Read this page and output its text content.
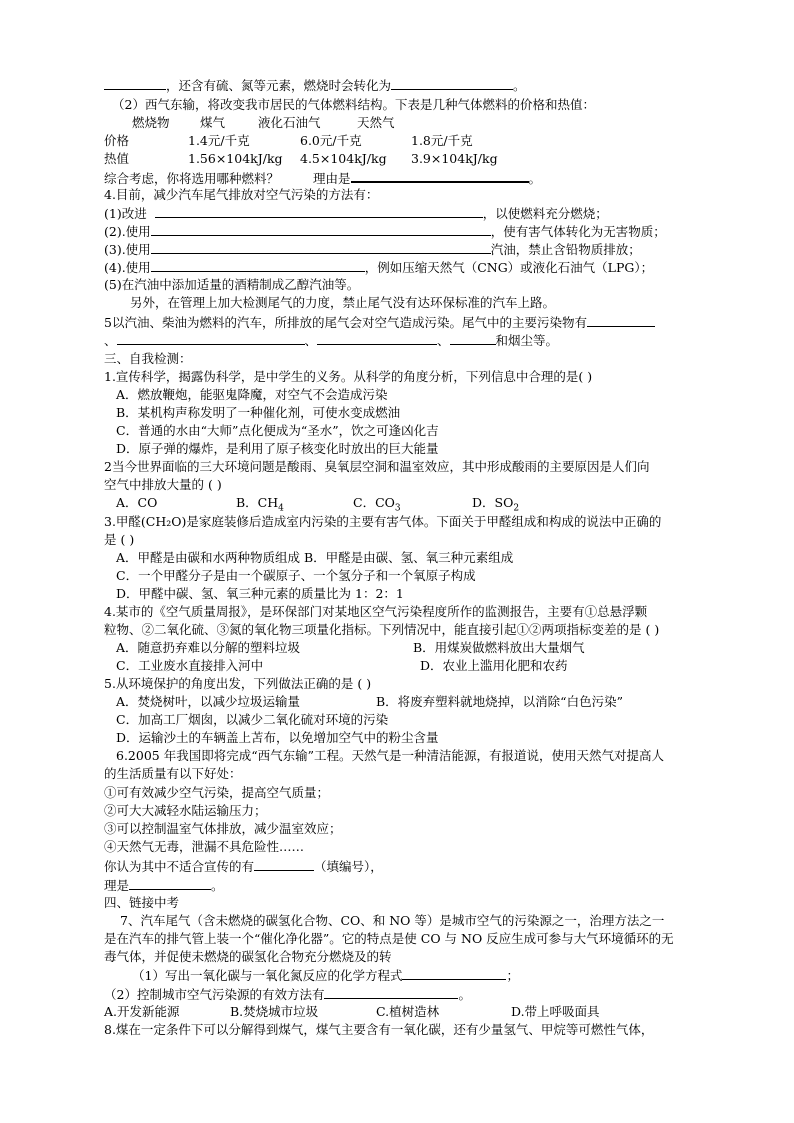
，还含有硫、氮等元素，燃烧时会转化为	。
（2）西气东输，将改变我市居民的气体燃料结构。下表是几种气体燃料的价格和热值：
燃烧物 煤气	液化石油气	天然气
价格	1.4元/千克	6.0元/千克	1.8元/千克
热值	1.56×104kJ/kg 4.5×104kJ/kg 3.9×104kJ/kg
综合考虑，你将选用哪种燃料？	理由是	。
4.目前，减少汽车尾气排放对空气污染的方法有：
(1)改进	，以使燃料充分燃烧；
(2).使用	，使有害气体转化为无害物质；
(3).使用	汽油，禁止含铅物质排放；
(4).使用	，例如压缩天然气（CNG）或液化石油气（LPG）；
(5)在汽油中添加适量的酒精制成乙醇汽油等。
另外，在管理上加大检测尾气的力度，禁止尾气没有达环保标准的汽车上路。
5以汽油、柴油为燃料的汽车，所排放的尾气会对空气造成污染。尾气中的主要污染物有
、	、	、	和烟尘等。
三、自我检测：
1.宣传科学，揭露伪科学，是中学生的义务。从科学的角度分析，下列信息中合理的是( )
A．燃放鞭炮，能驱鬼降魔，对空气不会造成污染
B．某机构声称发明了一种催化剂，可使水变成燃油
C．普通的水由“大师”点化便成为“圣水”，饮之可逢凶化吉
D．原子弹的爆炸，是利用了原子核变化时放出的巨大能量
2当今世界面临的三大环境问题是酸雨、臭氧层空洞和温室效应，其中形成酸雨的主要原因是人们向
空气中排放大量的 ( )
A．CO	B．$CH_4$	C．$CO_3$	D．$SO_2$
3.甲醛(CH₂O)是家庭装修后造成室内污染的主要有害气体。下面关于甲醛组成和构成的说法中正确的
是 ( )
A．甲醛是由碳和水两种物质组成 B．甲醛是由碳、氢、氧三种元素组成
C．一个甲醛分子是由一个碳原子、一个氢分子和一个氧原子构成
D．甲醛中碳、氢、氧三种元素的质量比为 1：2：1
4.某市的《空气质量周报》，是环保部门对某地区空气污染程度所作的监测报告，主要有①总悬浮颗
粒物、②二氧化硫、③氮的氧化物三项量化指标。下列情况中，能直接引起①②两项指标变差的是 ( )
A．随意扔弃难以分解的塑料垃圾	B．用煤炭做燃料放出大量烟气
C．工业废水直接排入河中	D．农业上滥用化肥和农药
5.从环境保护的角度出发，下列做法正确的是 ( )
A．焚烧树叶，以减少垃圾运输量	B．将废弃塑料就地烧掉，以消除“白色污染”
C．加高工厂烟囱，以减少二氧化硫对环境的污染
D．运输沙土的车辆盖上苫布，以免增加空气中的粉尘含量
6.2005 年我国即将完成“西气东输”工程。天然气是一种清洁能源，有报道说，使用天然气对提高人
的生活质量有以下好处：
①可有效减少空气污染，提高空气质量；
②可大大减轻水陆运输压力；
③可以控制温室气体排放，减少温室效应；
④天然气无毒，泄漏不具危险性……
你认为其中不适合宣传的有	（填编号），
理是	。
四、链接中考
7、汽车尾气（含未燃烧的碳氢化合物、CO、和 NO 等）是城市空气的污染源之一，治理方法之一
是在汽车的排气管上装一个“催化净化器”。它的特点是使 CO 与 NO 反应生成可参与大气环境循环的无
毒气体，并促使未燃烧的碳氢化合物充分燃烧及的转
（1）写出一氧化碳与一氧化氮反应的化学方程式	；
（2）控制城市空气污染源的有效方法有	。
A.开发新能源	B.焚烧城市垃圾	C.植树造林	D.带上呼吸面具
8.煤在一定条件下可以分解得到煤气，煤气主要含有一氧化碳，还有少量氢气、甲烷等可燃性气体，
